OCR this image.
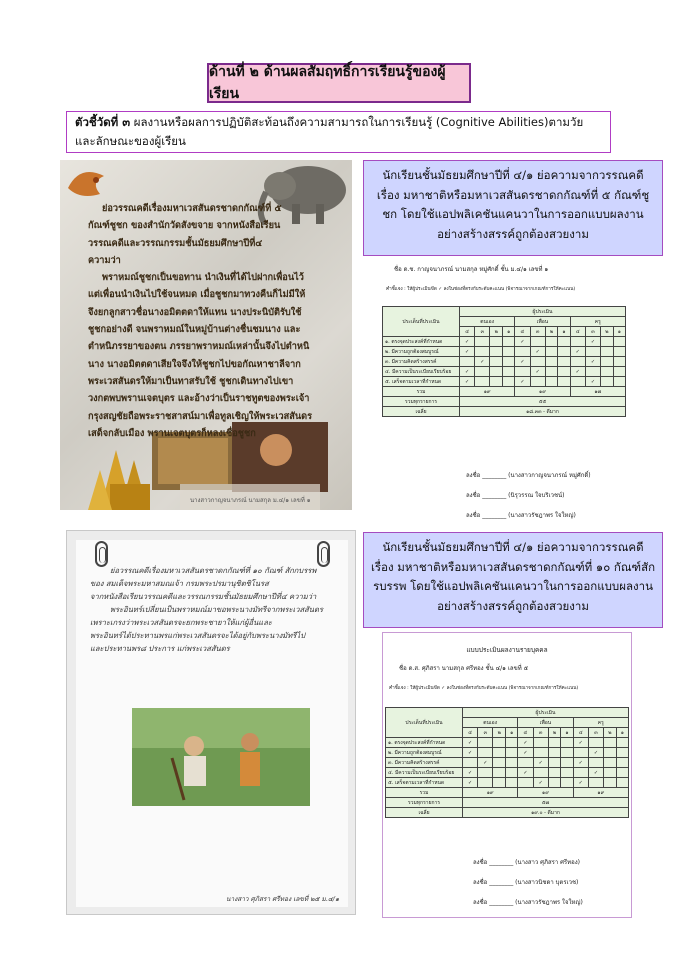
ด้านที่ ๒ ด้านผลสัมฤทธิ์การเรียนรู้ของผู้เรียน
ตัวชี้วัดที่ ๓ ผลงานหรือผลการปฏิบัติสะท้อนถึงความสามารถในการเรียนรู้ (Cognitive Abilities)ตามวัยและลักษณะของผู้เรียน
ย่อวรรณคดีเรื่องมหาเวสสันดรชาดกกัณฑ์ที่ ๕
กัณฑ์ชูชก ของสำนักวัดสังขจาย จากหนังสือเรียน
วรรณคดีและวรรณกรรมชั้นมัธยมศึกษาปีที่๔
ความว่า
พราหมณ์ชูชกเป็นขอทาน นำเงินที่ได้ไปฝากเพื่อนไว้
แต่เพื่อนนำเงินไปใช้จนหมด เมื่อชูชกมาทวงคืนก็ไม่มีให้
จึงยกลูกสาวชื่อนางอมิตตดาให้แทน นางประนิบัติรับใช้
ชูชกอย่างดี จนพราหมณ์ในหมู่บ้านต่างชื่นชมนาง และ
ตำหนิภรรยาของตน ภรรยาพราหมณ์เหล่านั้นจึงไปตำหนิ
นาง นางอมิตตดาเสียใจจึงให้ชูชกไปขอกัณหาชาลีจาก
พระเวสสันดรให้มาเป็นทาสรับใช้ ชูชกเดินทางไปเขา
วงกตพบพรานเจตบุตร และอ้างว่าเป็นราชทูตของพระเจ้า
กรุงสญชัยถือพระราชสาสน์มาเพื่อทูลเชิญให้พระเวสสันดร
เสด็จกลับเมือง พรานเจตบุตรก็หลงเชื่อชูชก
นางสาวกาญจนาภรณ์ นามสกุล ม.๔/๑ เลขที่ ๑
นักเรียนชั้นมัธยมศึกษาปีที่ ๔/๑ ย่อความจากวรรณคดี เรื่อง มหาชาติหรือมหาเวสสันดรชาดกกัณฑ์ที่ ๕ กัณฑ์ชูชก โดยใช้แอปพลิเคชันแคนวาในการออกแบบผลงานอย่างสร้างสรรค์ถูกต้องสวยงาม
ชื่อ ด.ช. กาญจนาภรณ์ นามสกุล หมู่ศักดิ์ ชั้น ม.๔/๑ เลขที่ ๑
คำชี้แจง : ให้ผู้ประเมินขีด ✓ ลงในช่องที่ตรงกับระดับคะแนน (พิจารณาจากเกณฑ์การให้คะแนน)
ประเด็นที่ประเมิน	ผู้ประเมิน											
	ตนเอง				เพื่อน				ครู			
	๔	๓	๒	๑	๔	๓	๒	๑	๔	๓	๒	๑
๑. ตรงจุดประสงค์ที่กำหนด	✓				✓					✓		
๒. มีความถูกต้องสมบูรณ์	✓					✓			✓			
๓. มีความคิดสร้างสรรค์		✓			✓					✓		
๔. มีความเป็นระเบียบเรียบร้อย	✓					✓			✓			
๕. เสร็จตามเวลาที่กำหนด	✓				✓					✓		
รวม	๑๙				๑๙				๑๗			
รวมทุกรายการ	๕๕											
เฉลี่ย	๑๘.๓๓ - ดีมาก											
ลงชื่อ ________ (นางสาวกาญจนาภรณ์ หมู่ศักดิ์)
ลงชื่อ ________ (นิรุวรรณ ใจบริเวชน์)
ลงชื่อ ________ (นางสาวรัชฎาพร ใจใหญ่)
ย่อวรรณคดีเรื่องมหาเวสสันดรชาดกกัณฑ์ที่ ๑๐ กัณฑ์ สักกบรรพ
ของ สมเด็จพระมหาสมณเจ้า กรมพระปรมานุชิตชิโนรส
จากหนังสือเรียนวรรณคดีและวรรณกรรมชั้นมัธยมศึกษาปีที่๔ ความว่า
พระอินทร์เปลี่ยนเป็นพราหมณ์มาขอพระนางมัทรีจากพระเวสสันดร
เพราะเกรงว่าพระเวสสันดรจะยกพระชายาให้แก่ผู้อื่นและ
พระอินทร์ได้ประทานพรแก่พระเวสสันดรจะได้อยู่กับพระนางมัทรีไป
และประทานพร๘ ประการ แก่พระเวสสันดร
นางสาว ศุภิสรา ศรีทอง เลขที่ ๒๕ ม.๔/๑
นักเรียนชั้นมัธยมศึกษาปีที่ ๔/๑ ย่อความจากวรรณคดี เรื่อง มหาชาติหรือมหาเวสสันดรชาดกกัณฑ์ที่ ๑๐ กัณฑ์สักรบรรพ โดยใช้แอปพลิเคชันแคนวาในการออกแบบผลงานอย่างสร้างสรรค์ถูกต้องสวยงาม
แบบประเมินผลงานรายบุคคล
ชื่อ ด.ส. ศุภิสรา นามสกุล ศรีทอง ชั้น ๔/๑ เลขที่ ๕
คำชี้แจง : ให้ผู้ประเมินขีด ✓ ลงในช่องที่ตรงกับระดับคะแนน (พิจารณาจากเกณฑ์การให้คะแนน)
ประเด็นที่ประเมิน	ผู้ประเมิน											
	ตนเอง				เพื่อน				ครู			
	๔	๓	๒	๑	๔	๓	๒	๑	๔	๓	๒	๑
๑. ตรงจุดประสงค์ที่กำหนด	✓				✓				✓			
๒. มีความถูกต้องสมบูรณ์	✓				✓					✓		
๓. มีความคิดสร้างสรรค์		✓				✓			✓			
๔. มีความเป็นระเบียบเรียบร้อย	✓				✓					✓		
๕. เสร็จตามเวลาที่กำหนด	✓					✓			✓			
รวม	๑๙				๑๙				๑๙			
รวมทุกรายการ	๕๗											
เฉลี่ย	๑๙.๐ - ดีมาก											
ลงชื่อ ________ (นางสาว ศุภิสรา ศรีทอง)
ลงชื่อ ________ (นางสาวนิชดา บุตรเวช)
ลงชื่อ ________ (นางสาวรัชฎาพร ใจใหญ่)
